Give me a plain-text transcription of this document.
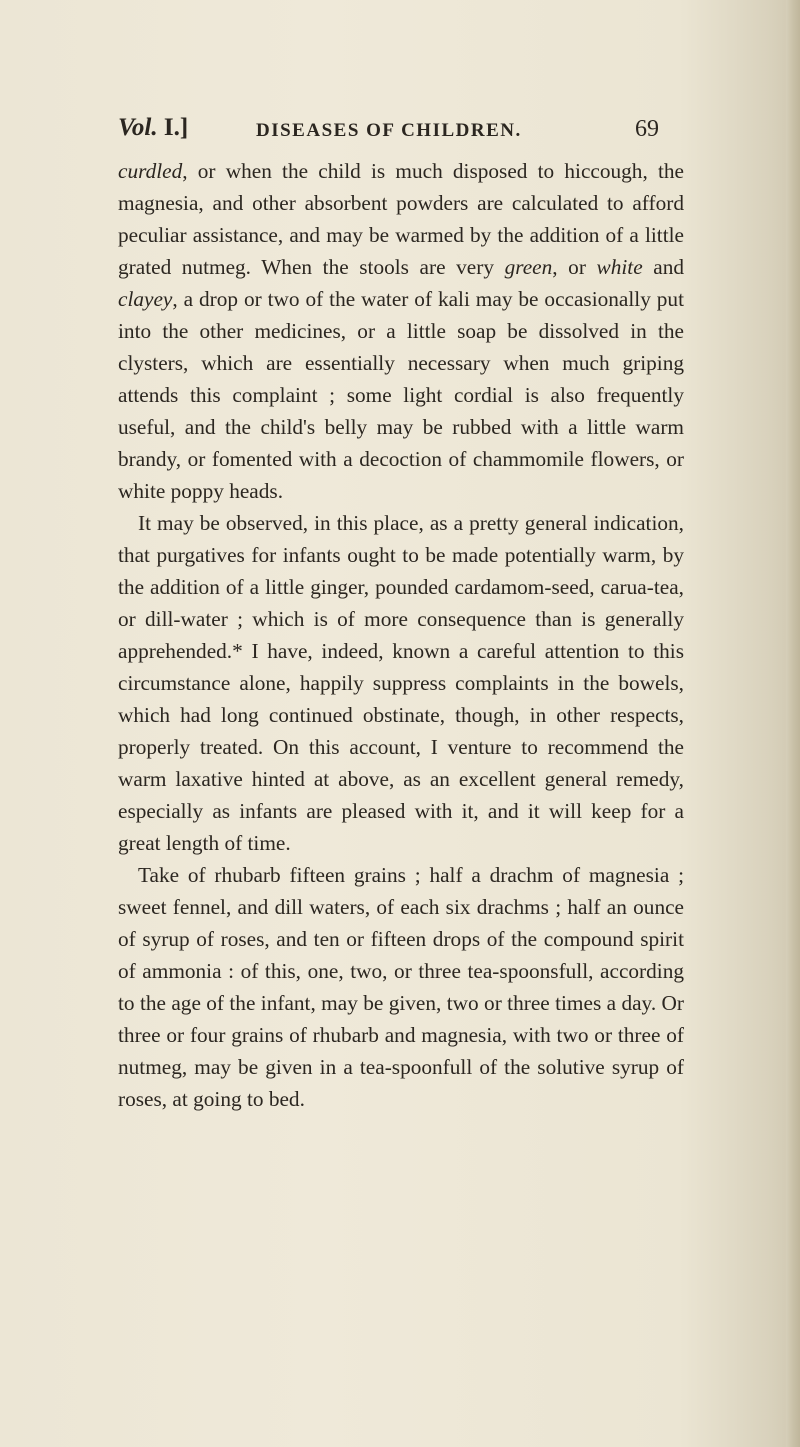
Vol. I.]	DISEASES OF CHILDREN.	69

curdled, or when the child is much disposed to hiccough, the magnesia, and other absorbent powders are calculated to afford peculiar assistance, and may be warmed by the addition of a little grated nutmeg. When the stools are very green, or white and clayey, a drop or two of the water of kali may be occasionally put into the other medicines, or a little soap be dissolved in the clysters, which are essentially necessary when much griping attends this complaint ; some light cordial is also frequently useful, and the child's belly may be rubbed with a little warm brandy, or fomented with a decoction of chammomile flowers, or white poppy heads.

It may be observed, in this place, as a pretty general indication, that purgatives for infants ought to be made potentially warm, by the addition of a little ginger, pounded cardamom-seed, carua-tea, or dill-water ; which is of more consequence than is generally apprehended.* I have, indeed, known a careful attention to this circumstance alone, happily suppress complaints in the bowels, which had long continued obstinate, though, in other respects, properly treated. On this account, I venture to recommend the warm laxative hinted at above, as an excellent general remedy, especially as infants are pleased with it, and it will keep for a great length of time.

Take of rhubarb fifteen grains ; half a drachm of magnesia ; sweet fennel, and dill waters, of each six drachms ; half an ounce of syrup of roses, and ten or fifteen drops of the compound spirit of ammonia : of this, one, two, or three tea-spoonsfull, according to the age of the infant, may be given, two or three times a day. Or three or four grains of rhubarb and magnesia, with two or three of nutmeg, may be given in a tea-spoonfull of the solutive syrup of roses, at going to bed.
